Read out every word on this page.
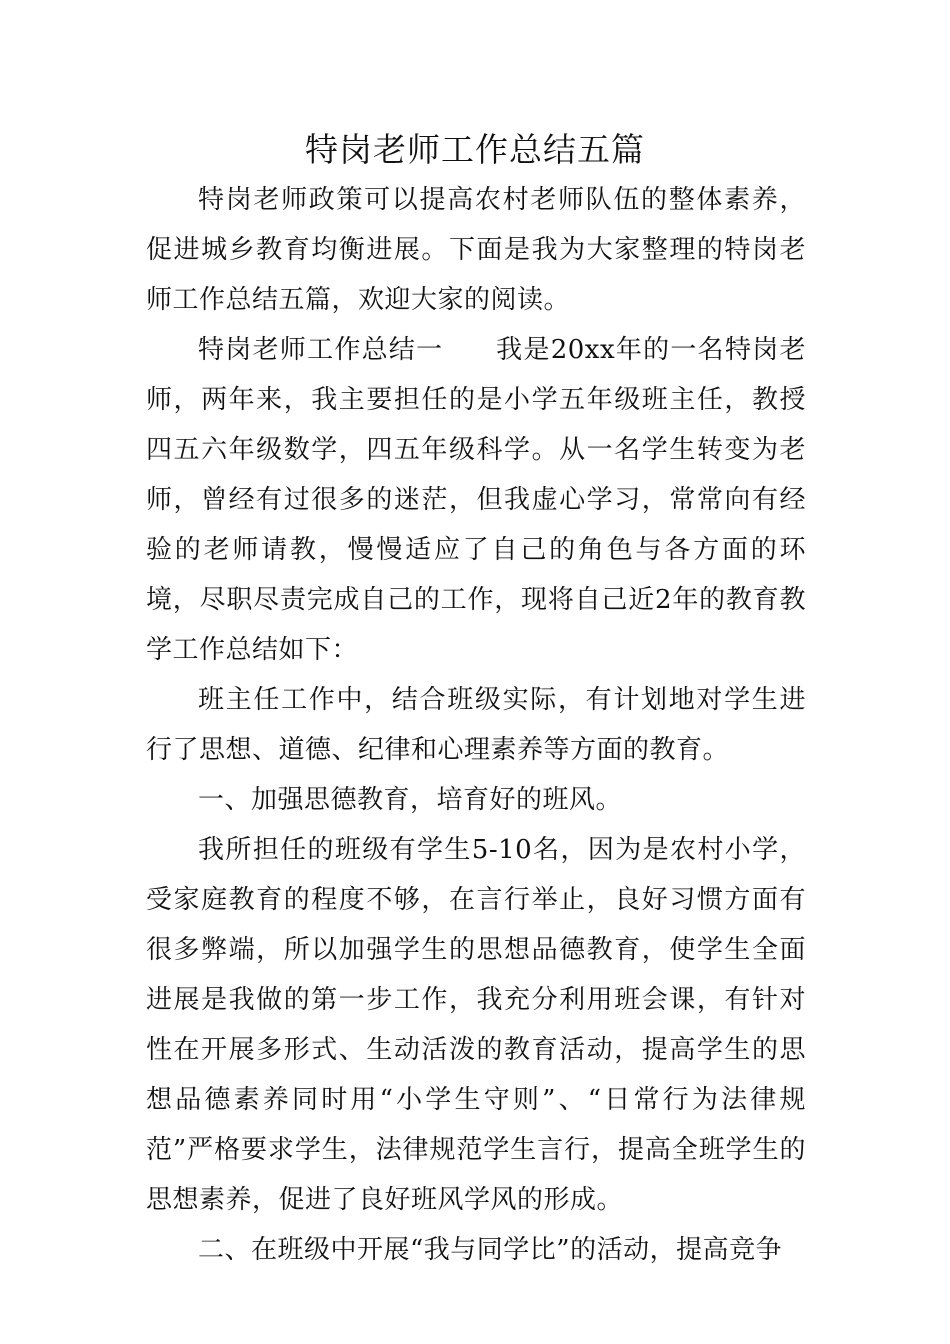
特岗老师工作总结五篇

特岗老师政策可以提高农村老师队伍的整体素养，促进城乡教育均衡进展。下面是我为大家整理的特岗老师工作总结五篇，欢迎大家的阅读。

特岗老师工作总结一 我是20xx年的一名特岗老师，两年来，我主要担任的是小学五年级班主任，教授四五六年级数学，四五年级科学。从一名学生转变为老师，曾经有过很多的迷茫，但我虚心学习，常常向有经验的老师请教，慢慢适应了自己的角色与各方面的环境，尽职尽责完成自己的工作，现将自己近2年的教育教学工作总结如下：

班主任工作中，结合班级实际，有计划地对学生进行了思想、道德、纪律和心理素养等方面的教育。

一、加强思德教育，培育好的班风。

我所担任的班级有学生5-10名，因为是农村小学，受家庭教育的程度不够，在言行举止，良好习惯方面有很多弊端，所以加强学生的思想品德教育，使学生全面进展是我做的第一步工作，我充分利用班会课，有针对性在开展多形式、生动活泼的教育活动，提高学生的思想品德素养同时用“小学生守则”、“日常行为法律规范”严格要求学生，法律规范学生言行，提高全班学生的思想素养，促进了良好班风学风的形成。

二、在班级中开展“我与同学比”的活动，提高竞争
